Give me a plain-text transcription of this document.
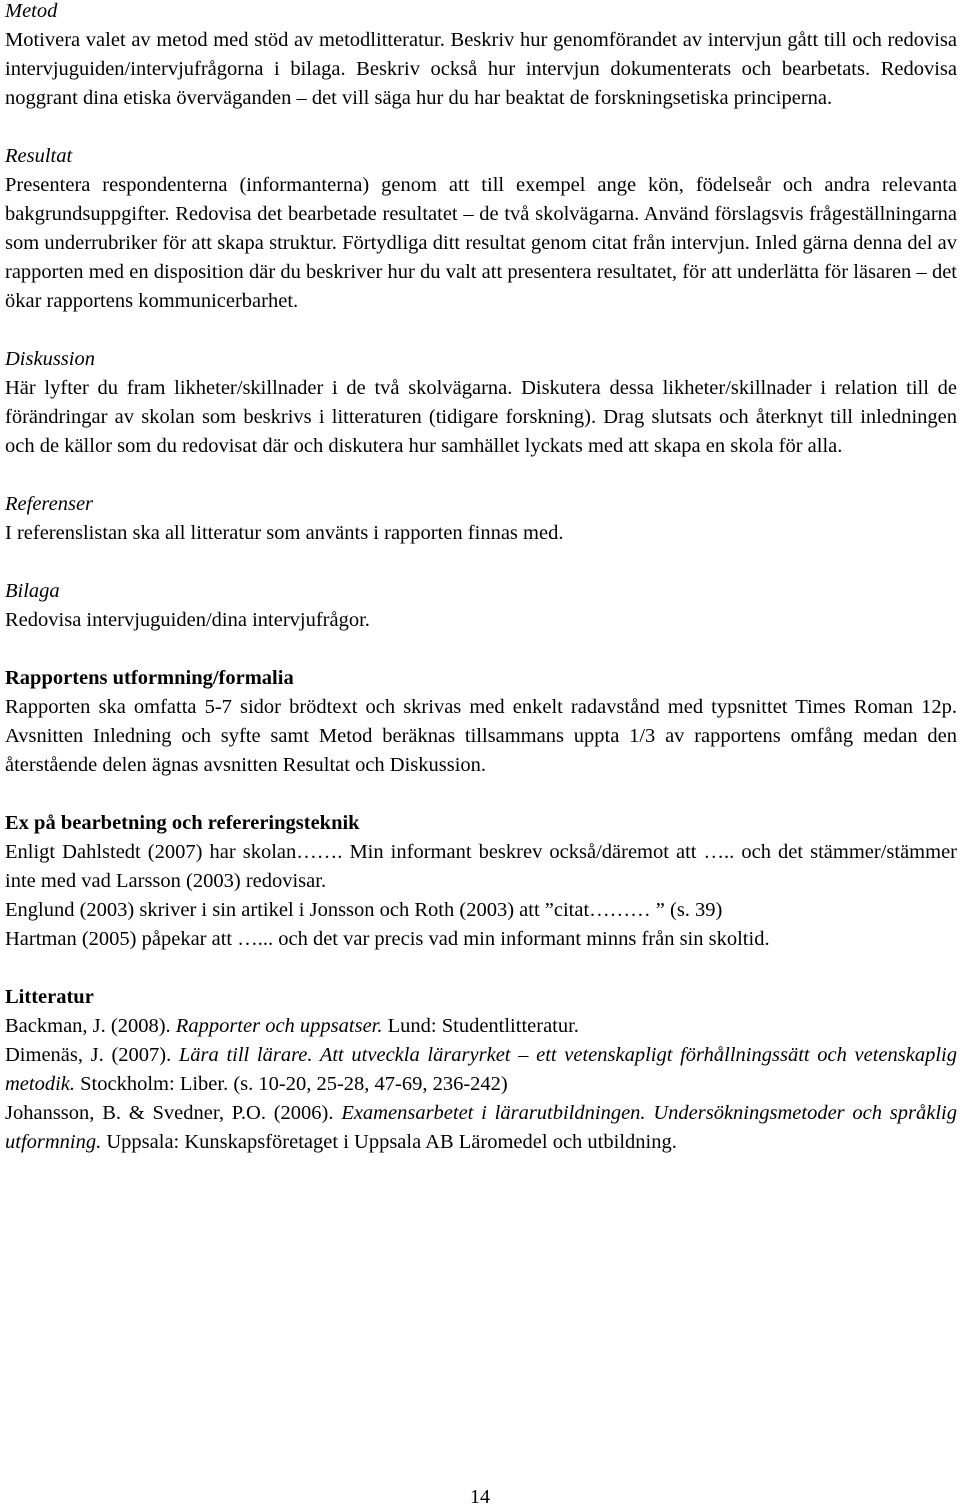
Metod

Motivera valet av metod med stöd av metodlitteratur. Beskriv hur genomförandet av intervjun gått till och redovisa intervjuguiden/intervjufrågorna i bilaga. Beskriv också hur intervjun dokumenterats och bearbetats. Redovisa noggrant dina etiska överväganden – det vill säga hur du har beaktat de forskningsetiska principerna.

Resultat

Presentera respondenterna (informanterna) genom att till exempel ange kön, födelseår och andra relevanta bakgrundsuppgifter. Redovisa det bearbetade resultatet – de två skolvägarna. Använd förslagsvis frågeställningarna som underrubriker för att skapa struktur. Förtydliga ditt resultat genom citat från intervjun. Inled gärna denna del av rapporten med en disposition där du beskriver hur du valt att presentera resultatet, för att underlätta för läsaren – det ökar rapportens kommunicerbarhet.

Diskussion

Här lyfter du fram likheter/skillnader i de två skolvägarna. Diskutera dessa likheter/skillnader i relation till de förändringar av skolan som beskrivs i litteraturen (tidigare forskning). Drag slutsats och återknyt till inledningen och de källor som du redovisat där och diskutera hur samhället lyckats med att skapa en skola för alla.

Referenser

I referenslistan ska all litteratur som använts i rapporten finnas med.

Bilaga

Redovisa intervjuguiden/dina intervjufrågor.

Rapportens utformning/formalia

Rapporten ska omfatta 5-7 sidor brödtext och skrivas med enkelt radavstånd med typsnittet Times Roman 12p. Avsnitten Inledning och syfte samt Metod beräknas tillsammans uppta 1/3 av rapportens omfång medan den återstående delen ägnas avsnitten Resultat och Diskussion.

Ex på bearbetning och refereringsteknik

Enligt Dahlstedt (2007) har skolan……. Min informant beskrev också/däremot att ….. och det stämmer/stämmer inte med vad Larsson (2003) redovisar.

Englund (2003) skriver i sin artikel i Jonsson och Roth (2003) att ”citat……… ” (s. 39)

Hartman (2005) påpekar att …... och det var precis vad min informant minns från sin skoltid.

Litteratur

Backman, J. (2008). Rapporter och uppsatser. Lund: Studentlitteratur.

Dimenäs, J. (2007). Lära till lärare. Att utveckla läraryrket – ett vetenskapligt förhållningssätt och vetenskaplig metodik. Stockholm: Liber. (s. 10-20, 25-28, 47-69, 236-242)

Johansson, B. & Svedner, P.O. (2006). Examensarbetet i lärarutbildningen. Undersökningsmetoder och språklig utformning. Uppsala: Kunskapsföretaget i Uppsala AB Läromedel och utbildning.

14
